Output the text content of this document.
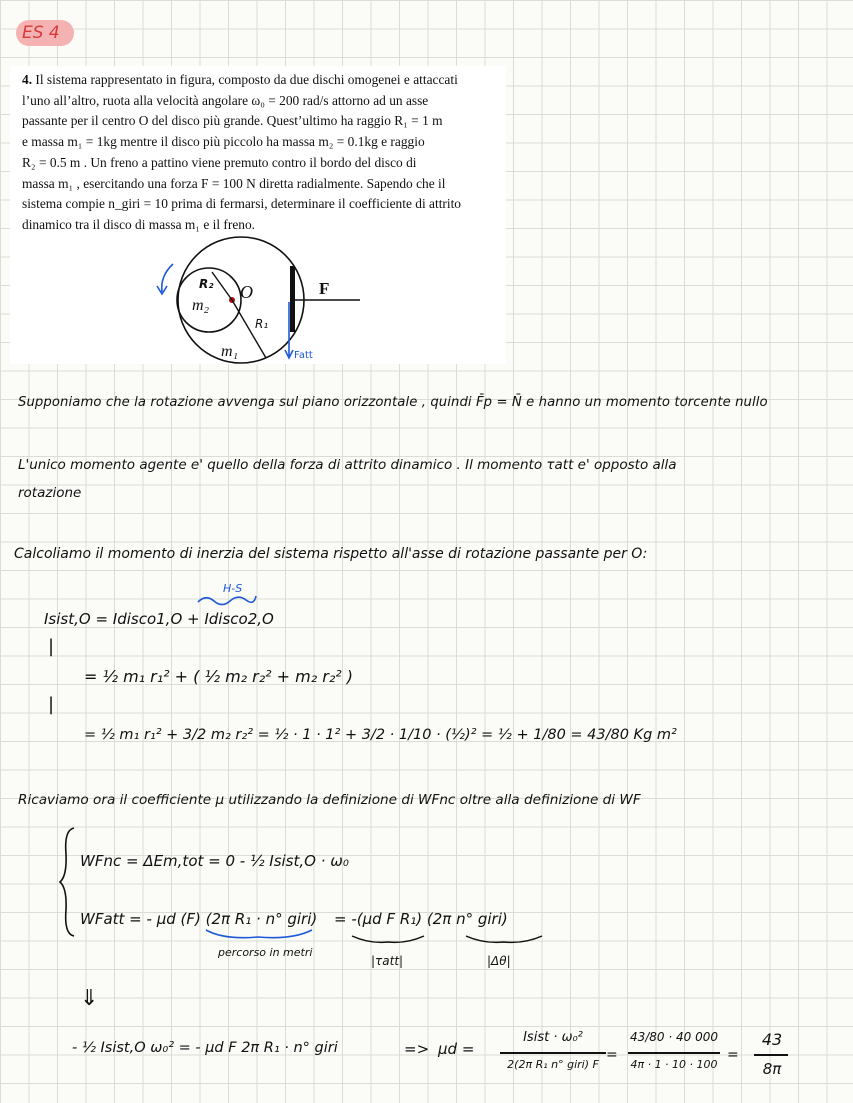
ES 4
4. Il sistema rappresentato in figura, composto da due dischi omogenei e attaccati
l’uno all’altro, ruota alla velocità angolare ω₀ = 200 rad/s attorno ad un asse
passante per il centro O del disco più grande. Quest’ultimo ha raggio R₁ = 1 m
e massa m₁ = 1kg mentre il disco più piccolo ha massa m₂ = 0.1kg e raggio
R₂ = 0.5 m . Un freno a pattino viene premuto contro il bordo del disco di
massa m₁ , esercitando una forza F = 100 N diretta radialmente. Sapendo che il
sistema compie n_giri = 10 prima di fermarsi, determinare il coefficiente di attrito
dinamico tra il disco di massa m₁ e il freno.
R₂
m₂
O
R₁
m₁
F
Fatt
Supponiamo che la rotazione avvenga sul piano orizzontale , quindi F̄p = N̄ e hanno un momento torcente nullo
L'unico momento agente e' quello della forza di attrito dinamico . Il momento τatt e' opposto alla
rotazione
Calcoliamo il momento di inerzia del sistema rispetto all'asse di rotazione passante per O:
H-S
Isist,O = Idisco1,O + Idisco2,O
|
= ½ m₁ r₁² + ( ½ m₂ r₂² + m₂ r₂² )
|
= ½ m₁ r₁² + 3/2 m₂ r₂² = ½ · 1 · 1² + 3/2 · 1/10 · (½)² = ½ + 1/80 = 43/80 Kg m²
Ricaviamo ora il coefficiente μ utilizzando la definizione di WFnc oltre alla definizione di WF
WFnc = ΔEm,tot = 0 - ½ Isist,O · ω₀
WFatt = - μd (F) (2π R₁ · n° giri) = -(μd F R₁) (2π n° giri)
percorso in metri
|τatt|	|Δθ|
⇓
- ½ Isist,O ω₀² = - μd F 2π R₁ · n° giri	=> μd =
Isist · ω₀²
2(2π R₁ n° giri) F
=
43/80 · 40 000
4π · 1 · 10 · 100
=
43
8π
